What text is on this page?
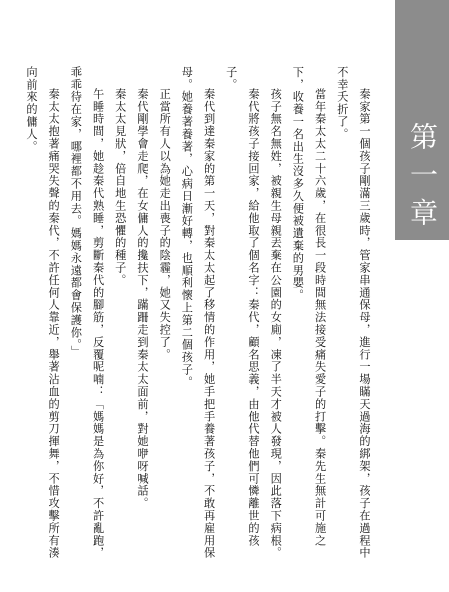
第一章

秦家第一個孩子剛滿三歲時，管家串通保母，進行一場瞞天過海的綁架，孩子在過程中不幸夭折了。

當年秦太太二十六歲，在很長一段時間無法接受痛失愛子的打擊。秦先生無計可施之下，收養一名出生沒多久便被遺棄的男嬰。

孩子無名無姓，被親生母親丟棄在公園的女廁，凍了半天才被人發現，因此落下病根。

秦代將孩子接回家，給他取了個名字：秦代，顧名思義，由他代替他們可憐離世的孩子。

秦代到達秦家的第一天，對秦太太起了移情的作用，她手把手養著孩子，不敢再雇用保母。她養著養著，心病日漸好轉，也順利懷上第二個孩子。

正當所有人以為她走出喪子的陰霾，她又失控了。

秦代剛學會走爬，在女傭人的攙扶下，蹣跚走到秦太太面前，對她咿呀喊話。

秦太太見狀，倍自地生恐懼的種子。

午睡時間，她趁秦代熟睡，剪斷秦代的腳筋，反覆呢喃：「媽媽是為你好，不許亂跑，乖乖待在家，哪裡都不用去。媽媽永遠都會保護你。」

秦太太抱著痛哭失聲的秦代，不許任何人靠近，舉著沾血的剪刀揮舞，不惜攻擊所有湊向前來的傭人。
